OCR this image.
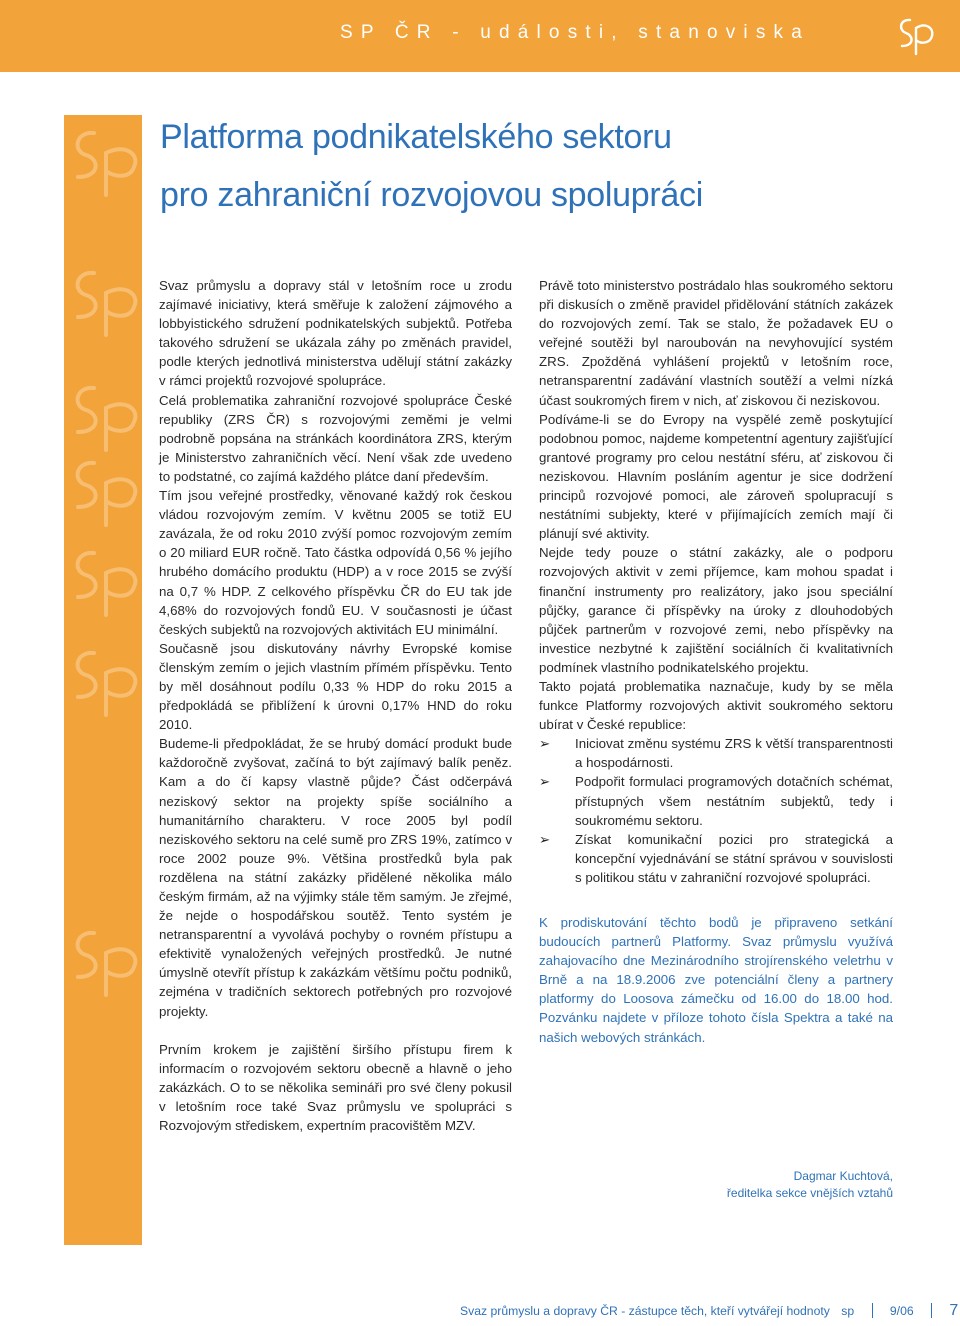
SP ČR - události, stanoviska
Platforma podnikatelského sektoru
pro zahraniční rozvojovou spolupráci

Svaz průmyslu a dopravy stál v letošním roce u zrodu zajímavé iniciativy, která směřuje k založení zájmového a lobbyistického sdružení podnikatelských subjektů. Potřeba takového sdružení se ukázala záhy po změnách pravidel, podle kterých jednotlivá ministerstva udělují státní zakázky v rámci projektů rozvojové spolupráce.

Celá problematika zahraniční rozvojové spolupráce České republiky (ZRS ČR) s rozvojovými zeměmi je velmi podrobně popsána na stránkách koordinátora ZRS, kterým je Ministerstvo zahraničních věcí. Není však zde uvedeno to podstatné, co zajímá každého plátce daní především.

Tím jsou veřejné prostředky, věnované každý rok českou vládou rozvojovým zemím. V květnu 2005 se totiž EU zavázala, že od roku 2010 zvýší pomoc rozvojovým zemím o 20 miliard EUR ročně. Tato částka odpovídá 0,56 % jejího hrubého domácího produktu (HDP) a v roce 2015 se zvýší na 0,7 % HDP. Z celkového příspěvku ČR do EU tak jde 4,68% do rozvojových fondů EU. V současnosti je účast českých subjektů na rozvojových aktivitách EU minimální.

Současně jsou diskutovány návrhy Evropské komise členským zemím o jejich vlastním přímém příspěvku. Tento by měl dosáhnout podílu 0,33 % HDP do roku 2015 a předpokládá se přiblížení k úrovni 0,17% HND do roku 2010.

Budeme-li předpokládat, že se hrubý domácí produkt bude každoročně zvyšovat, začíná to být zajímavý balík peněz. Kam a do čí kapsy vlastně půjde? Část odčerpává neziskový sektor na projekty spíše sociálního a humanitárního charakteru. V roce 2005 byl podíl neziskového sektoru na celé sumě pro ZRS 19%, zatímco v roce 2002 pouze 9%. Většina prostředků byla pak rozdělena na státní zakázky přidělené několika málo českým firmám, až na výjimky stále těm samým. Je zřejmé, že nejde o hospodářskou soutěž. Tento systém je netransparentní a vyvolává pochyby o rovném přístupu a efektivitě vynaložených veřejných prostředků. Je nutné úmyslně otevřít přístup k zakázkám většímu počtu podniků, zejména v tradičních sektorech potřebných pro rozvojové projekty.

Prvním krokem je zajištění širšího přístupu firem k informacím o rozvojovém sektoru obecně a hlavně o jeho zakázkách. O to se několika semináři pro své členy pokusil v letošním roce také Svaz průmyslu ve spolupráci s Rozvojovým střediskem, expertním pracovištěm MZV.

Právě toto ministerstvo postrádalo hlas soukromého sektoru při diskusích o změně pravidel přidělování státních zakázek do rozvojových zemí. Tak se stalo, že požadavek EU o veřejné soutěži byl naroubován na nevyhovující systém ZRS. Zpožděná vyhlášení projektů v letošním roce, netransparentní zadávání vlastních soutěží a velmi nízká účast soukromých firem v nich, ať ziskovou či neziskovou.

Podíváme-li se do Evropy na vyspělé země poskytující podobnou pomoc, najdeme kompetentní agentury zajišťující grantové programy pro celou nestátní sféru, ať ziskovou či neziskovou. Hlavním posláním agentur je sice dodržení principů rozvojové pomoci, ale zároveň spolupracují s nestátními subjekty, které v přijímajících zemích mají či plánují své aktivity.

Nejde tedy pouze o státní zakázky, ale o podporu rozvojových aktivit v zemi příjemce, kam mohou spadat i finanční instrumenty pro realizátory, jako jsou speciální půjčky, garance či příspěvky na úroky z dlouhodobých půjček partnerům v rozvojové zemi, nebo příspěvky na investice nezbytné k zajištění sociálních či kvalitativních podmínek vlastního podnikatelského projektu.

Takto pojatá problematika naznačuje, kudy by se měla funkce Platformy rozvojových aktivit soukromého sektoru ubírat v České republice:

➢ Iniciovat změnu systému ZRS k větší transparentnosti a hospodárnosti.
➢ Podpořit formulaci programových dotačních schémat, přístupných všem nestátním subjektů, tedy i soukromému sektoru.
➢ Získat komunikační pozici pro strategická a koncepční vyjednávání se státní správou v souvislosti s politikou státu v zahraniční rozvojové spolupráci.

K prodiskutování těchto bodů je připraveno setkání budoucích partnerů Platformy. Svaz průmyslu využívá zahajovacího dne Mezinárodního strojírenského veletrhu v Brně a na 18.9.2006 zve potenciální členy a partnery platformy do Loosova zámečku od 16.00 do 18.00 hod. Pozvánku najdete v příloze tohoto čísla Spektra a také na našich webových stránkách.

Dagmar Kuchtová,
ředitelka sekce vnějších vztahů
Svaz průmyslu a dopravy ČR - zástupce těch, kteří vytvářejí hodnoty sp	9/06 7
